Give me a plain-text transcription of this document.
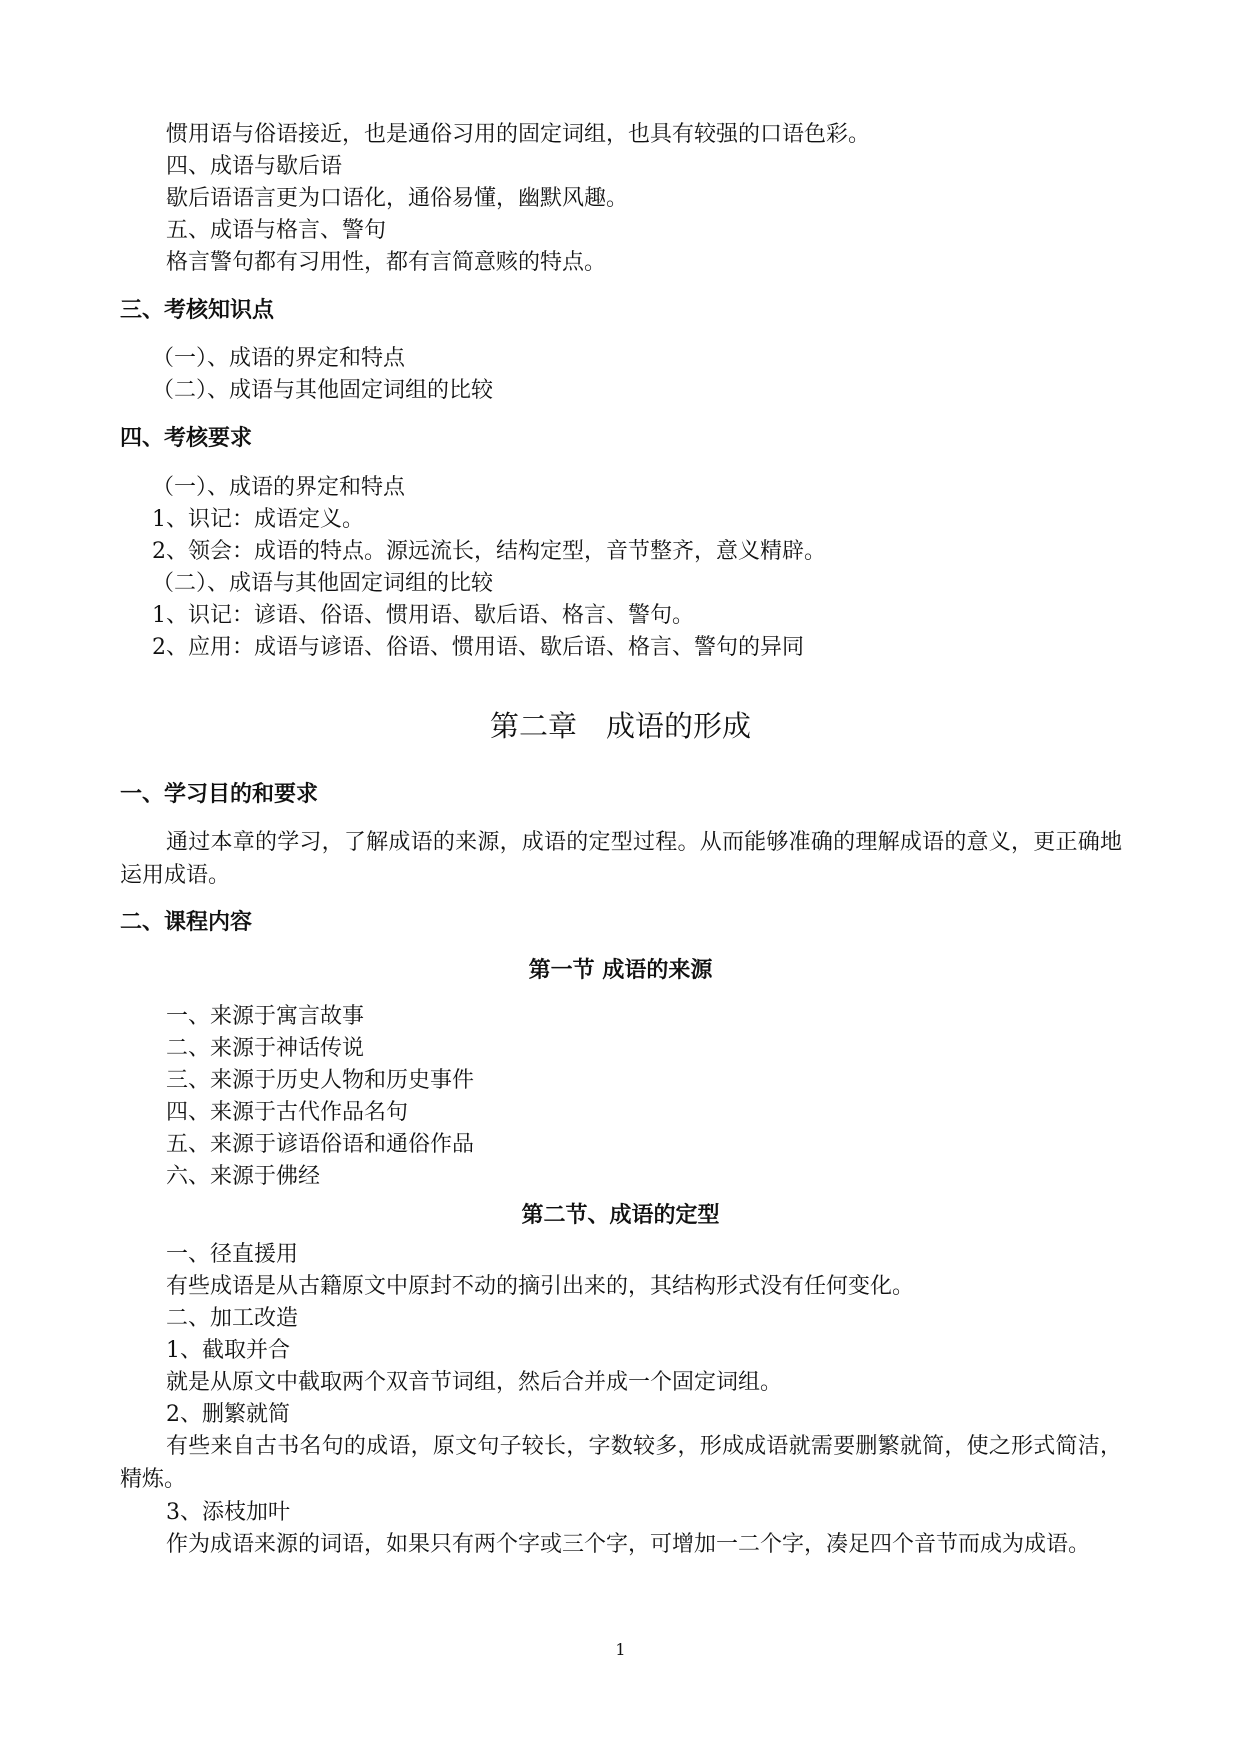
惯用语与俗语接近，也是通俗习用的固定词组，也具有较强的口语色彩。
四、成语与歇后语
歇后语语言更为口语化，通俗易懂，幽默风趣。
五、成语与格言、警句
格言警句都有习用性，都有言简意赅的特点。
三、考核知识点
（一）、成语的界定和特点
（二）、成语与其他固定词组的比较
四、考核要求
（一）、成语的界定和特点
1、识记：成语定义。
2、领会：成语的特点。源远流长，结构定型，音节整齐，意义精辟。
（二）、成语与其他固定词组的比较
1、识记：谚语、俗语、惯用语、歇后语、格言、警句。
2、应用：成语与谚语、俗语、惯用语、歇后语、格言、警句的异同
第二章　成语的形成
一、学习目的和要求
通过本章的学习，了解成语的来源，成语的定型过程。从而能够准确的理解成语的意义，更正确地运用成语。
二、课程内容
第一节 成语的来源
一、来源于寓言故事
二、来源于神话传说
三、来源于历史人物和历史事件
四、来源于古代作品名句
五、来源于谚语俗语和通俗作品
六、来源于佛经
第二节、成语的定型
一、径直援用
有些成语是从古籍原文中原封不动的摘引出来的，其结构形式没有任何变化。
二、加工改造
1、截取并合
就是从原文中截取两个双音节词组，然后合并成一个固定词组。
2、删繁就简
有些来自古书名句的成语，原文句子较长，字数较多，形成成语就需要删繁就简，使之形式简洁，精炼。
3、添枝加叶
作为成语来源的词语，如果只有两个字或三个字，可增加一二个字，凑足四个音节而成为成语。
1
